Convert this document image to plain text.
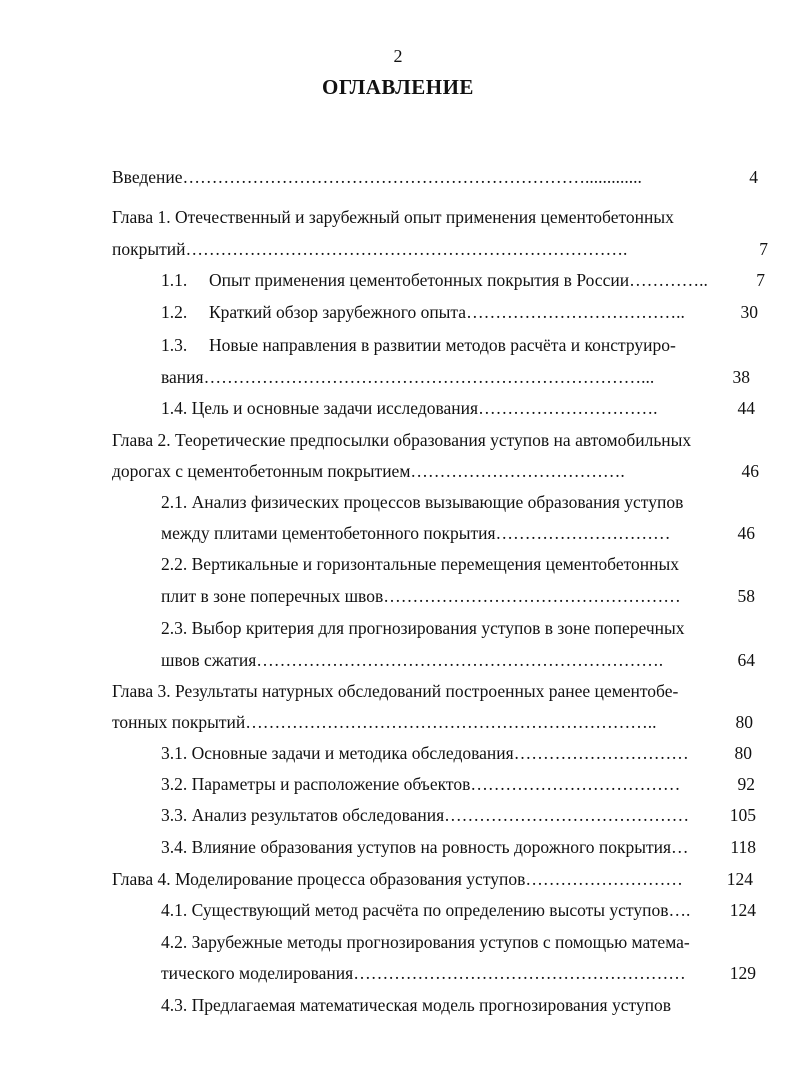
2
ОГЛАВЛЕНИЕ
Введение …………………………………………………………….............	4
Глава 1. Отечественный и зарубежный опыт применения цементобетонных
покрытий ………………………………………………………………….	7
1.1.	Опыт применения цементобетонных покрытия в России …………..	7
1.2.	Краткий обзор зарубежного опыта ………………………………..	30
1.3. Новые направления в развитии методов расчёта и конструиро-
вания …………………………………………………………………...	38
1.4. Цель и основные задачи исследования ………………………….	44
Глава 2. Теоретические предпосылки образования уступов на автомобильных
дорогах с цементобетонным покрытием ……………………………….	46
2.1. Анализ физических процессов вызывающие образования уступов
между плитами цементобетонного покрытия …………………………	46
2.2. Вертикальные и горизонтальные перемещения цементобетонных
плит в зоне поперечных швов ……………………………………………	58
2.3. Выбор критерия для прогнозирования уступов в зоне поперечных
швов сжатия …………………………………………………………….	64
Глава 3. Результаты натурных обследований построенных ранее цементобе-
тонных покрытий ……………………………………………………………..	80
3.1. Основные задачи и методика обследования …………………………	80
3.2. Параметры и расположение объектов ………………………………	92
3.3. Анализ результатов обследования ……………………………………	105
3.4. Влияние образования уступов на ровность дорожного покрытия …	118
Глава 4. Моделирование процесса образования уступов ………………………	124
4.1. Существующий метод расчёта по определению высоты уступов ….	124
4.2. Зарубежные методы прогнозирования уступов с помощью матема-
тического моделирования …………………………………………………	129
4.3. Предлагаемая математическая модель прогнозирования уступов
